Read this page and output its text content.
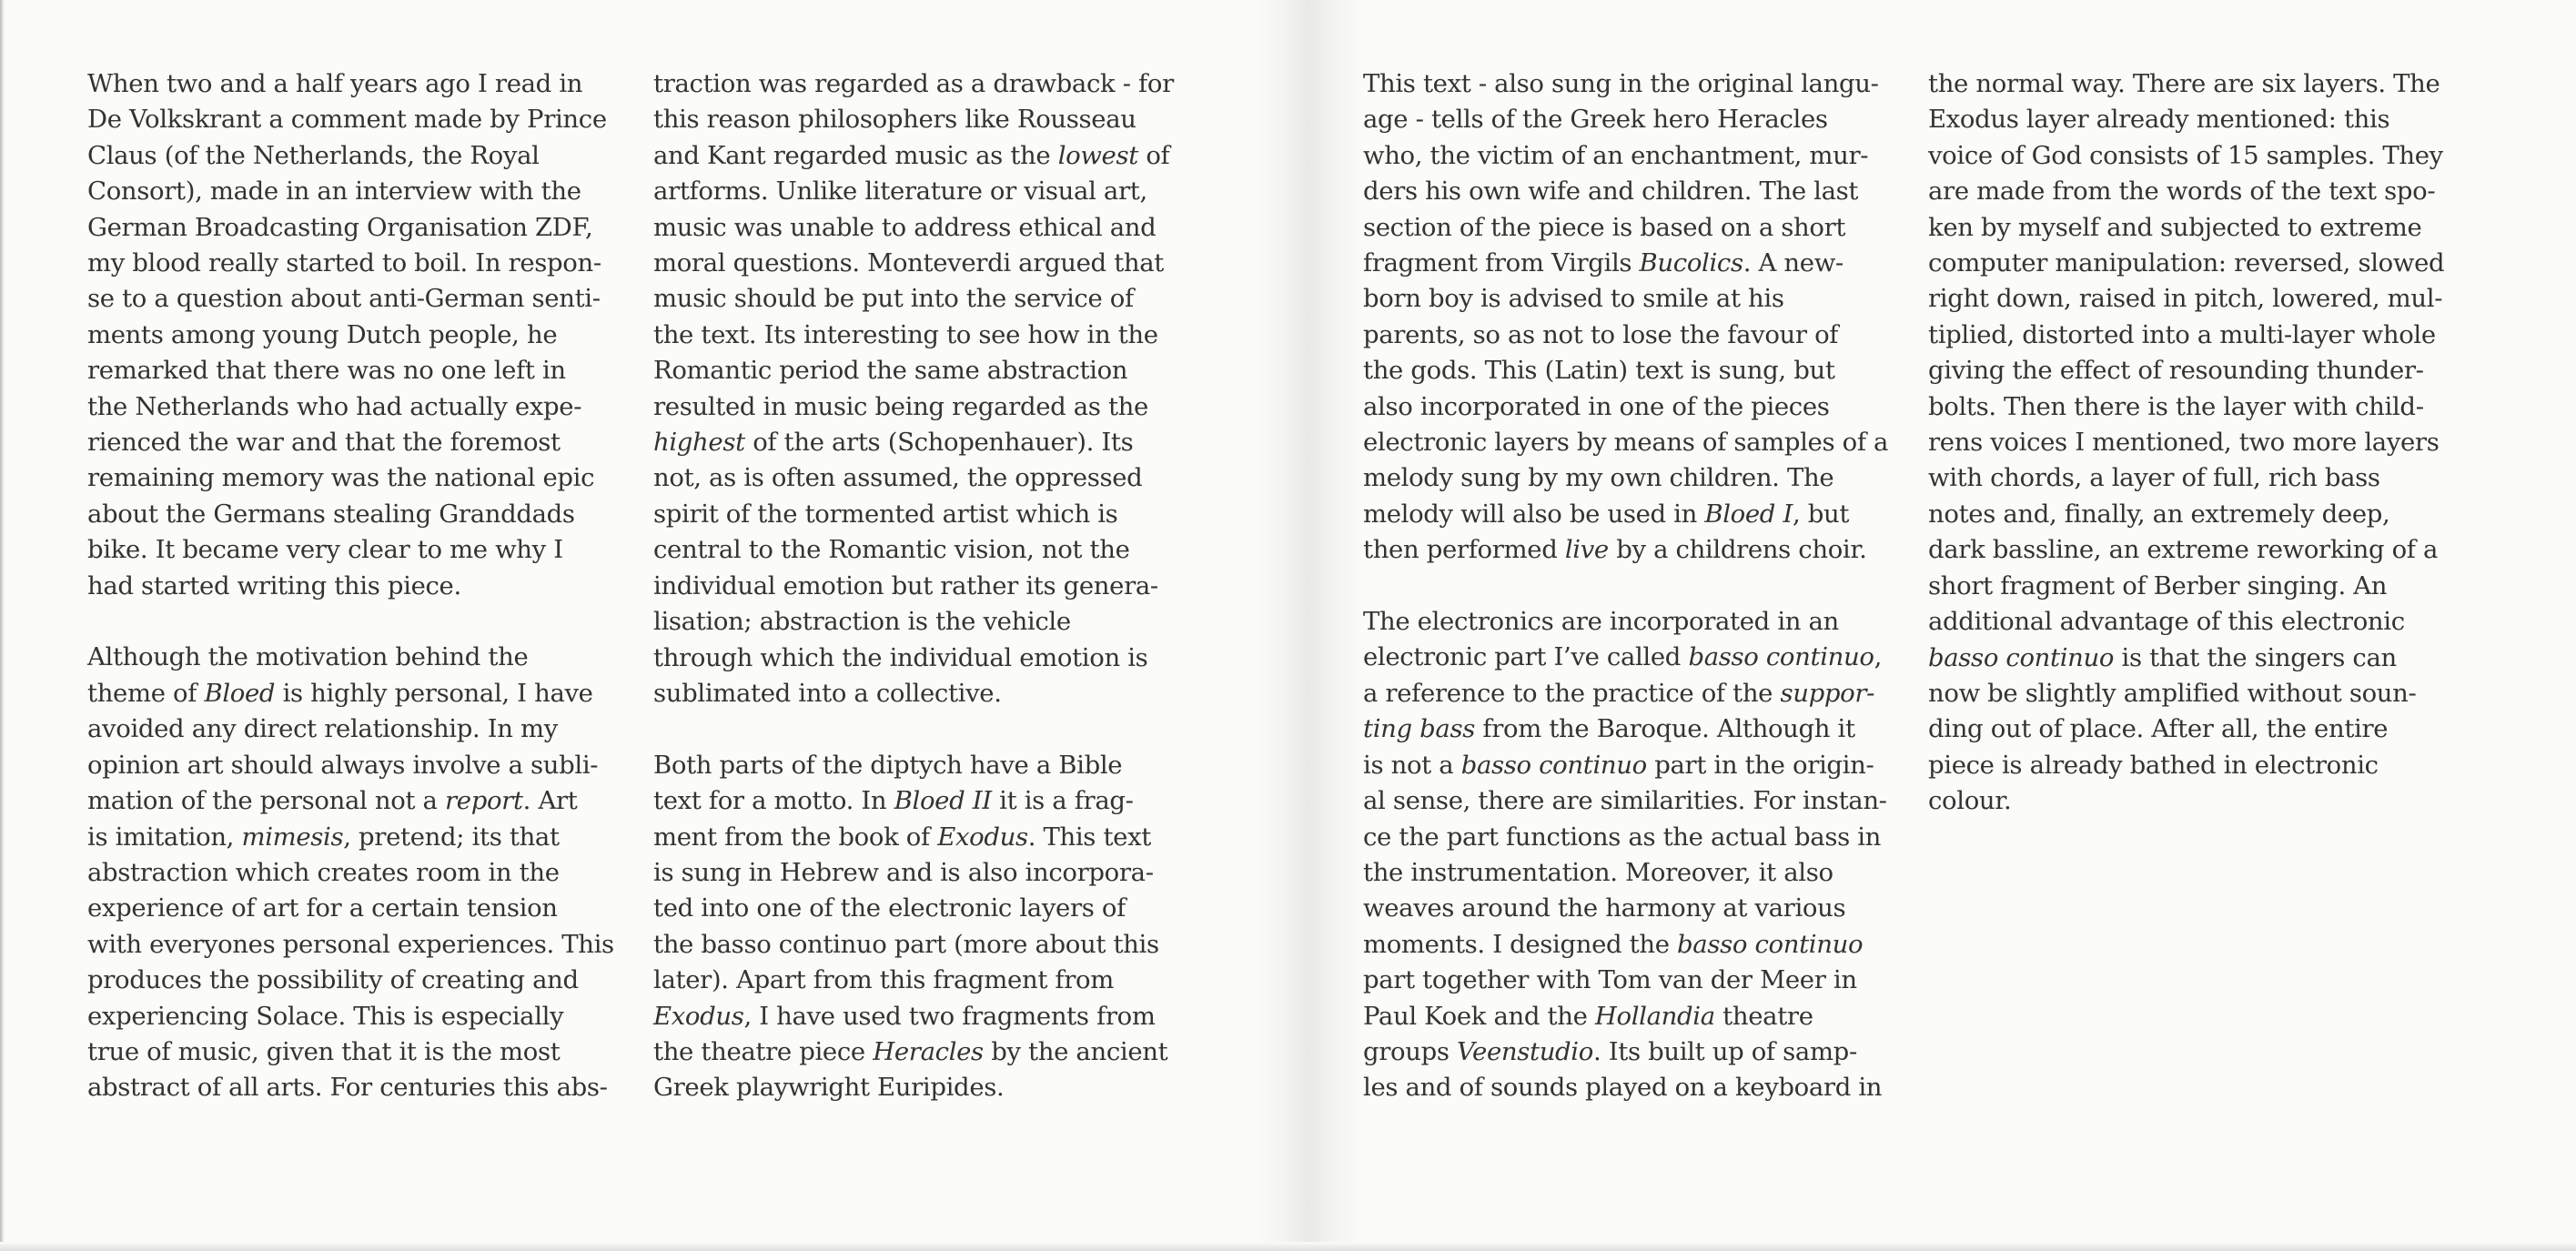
When two and a half years ago I read in
De Volkskrant a comment made by Prince
Claus (of the Netherlands, the Royal
Consort), made in an interview with the
German Broadcasting Organisation ZDF,
my blood really started to boil. In respon-
se to a question about anti-German senti-
ments among young Dutch people, he
remarked that there was no one left in
the Netherlands who had actually expe-
rienced the war and that the foremost
remaining memory was the national epic
about the Germans stealing Granddads
bike. It became very clear to me why I
had started writing this piece.

Although the motivation behind the
theme of Bloed is highly personal, I have
avoided any direct relationship. In my
opinion art should always involve a subli-
mation of the personal not a report. Art
is imitation, mimesis, pretend; its that
abstraction which creates room in the
experience of art for a certain tension
with everyones personal experiences. This
produces the possibility of creating and
experiencing Solace. This is especially
true of music, given that it is the most
abstract of all arts. For centuries this abs-

traction was regarded as a drawback - for
this reason philosophers like Rousseau
and Kant regarded music as the lowest of
artforms. Unlike literature or visual art,
music was unable to address ethical and
moral questions. Monteverdi argued that
music should be put into the service of
the text. Its interesting to see how in the
Romantic period the same abstraction
resulted in music being regarded as the
highest of the arts (Schopenhauer). Its
not, as is often assumed, the oppressed
spirit of the tormented artist which is
central to the Romantic vision, not the
individual emotion but rather its genera-
lisation; abstraction is the vehicle
through which the individual emotion is
sublimated into a collective.

Both parts of the diptych have a Bible
text for a motto. In Bloed II it is a frag-
ment from the book of Exodus. This text
is sung in Hebrew and is also incorpora-
ted into one of the electronic layers of
the basso continuo part (more about this
later). Apart from this fragment from
Exodus, I have used two fragments from
the theatre piece Heracles by the ancient
Greek playwright Euripides.

This text - also sung in the original langu-
age - tells of the Greek hero Heracles
who, the victim of an enchantment, mur-
ders his own wife and children. The last
section of the piece is based on a short
fragment from Virgils Bucolics. A new-
born boy is advised to smile at his
parents, so as not to lose the favour of
the gods. This (Latin) text is sung, but
also incorporated in one of the pieces
electronic layers by means of samples of a
melody sung by my own children. The
melody will also be used in Bloed I, but
then performed live by a childrens choir.

The electronics are incorporated in an
electronic part I’ve called basso continuo,
a reference to the practice of the suppor-
ting bass from the Baroque. Although it
is not a basso continuo part in the origin-
al sense, there are similarities. For instan-
ce the part functions as the actual bass in
the instrumentation. Moreover, it also
weaves around the harmony at various
moments. I designed the basso continuo
part together with Tom van der Meer in
Paul Koek and the Hollandia theatre
groups Veenstudio. Its built up of samp-
les and of sounds played on a keyboard in

the normal way. There are six layers. The
Exodus layer already mentioned: this
voice of God consists of 15 samples. They
are made from the words of the text spo-
ken by myself and subjected to extreme
computer manipulation: reversed, slowed
right down, raised in pitch, lowered, mul-
tiplied, distorted into a multi-layer whole
giving the effect of resounding thunder-
bolts. Then there is the layer with child-
rens voices I mentioned, two more layers
with chords, a layer of full, rich bass
notes and, finally, an extremely deep,
dark bassline, an extreme reworking of a
short fragment of Berber singing. An
additional advantage of this electronic
basso continuo is that the singers can
now be slightly amplified without soun-
ding out of place. After all, the entire
piece is already bathed in electronic
colour.
